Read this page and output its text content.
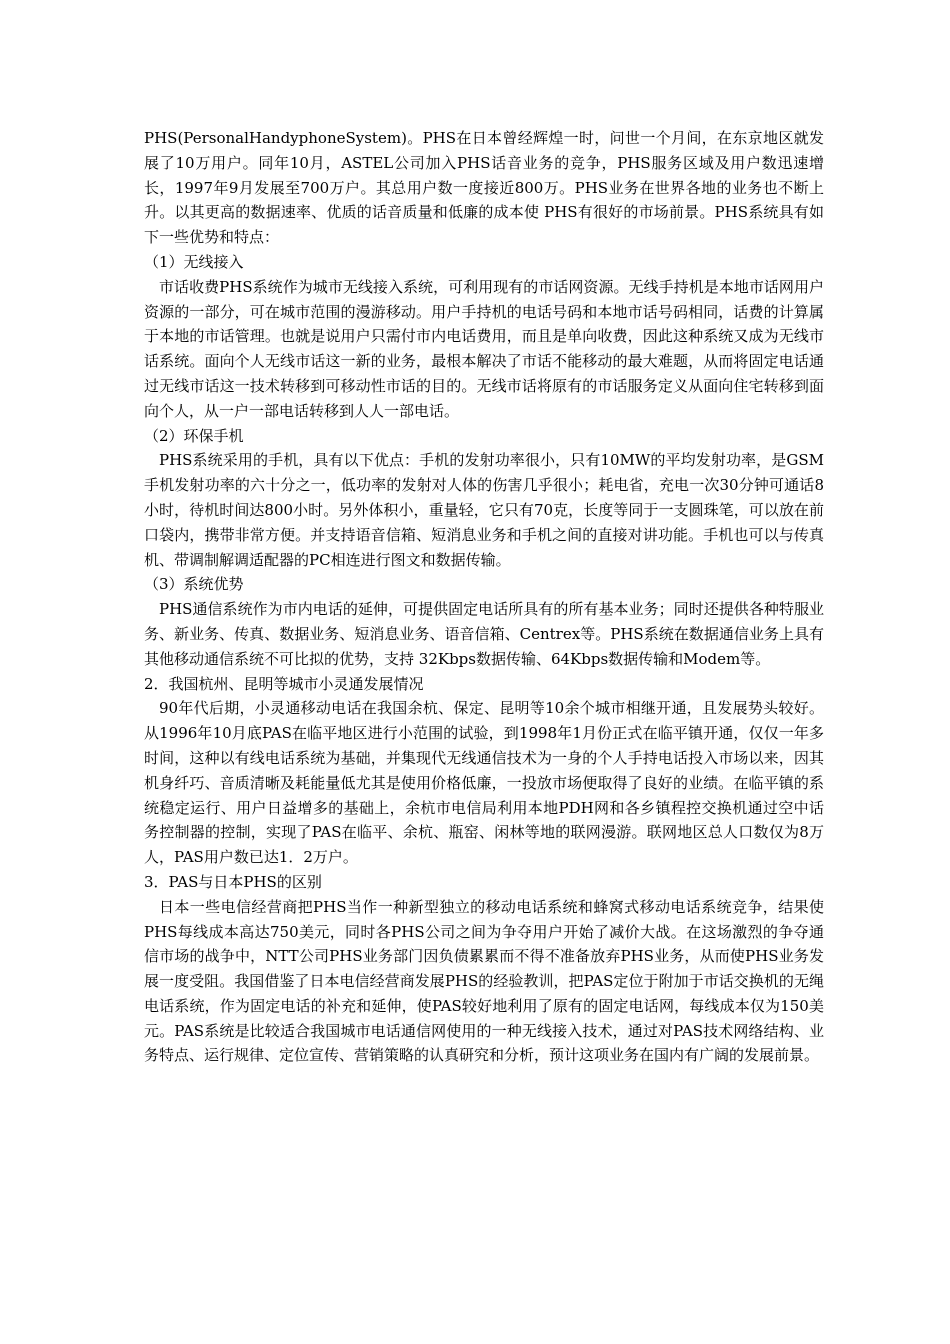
PHS(PersonalHandyphoneSystem)。PHS在日本曾经辉煌一时，问世一个月间，在东京地区就发展了10万用户。同年10月，ASTEL公司加入PHS话音业务的竞争，PHS服务区域及用户数迅速增长，1997年9月发展至700万户。其总用户数一度接近800万。PHS业务在世界各地的业务也不断上升。以其更高的数据速率、优质的话音质量和低廉的成本使 PHS有很好的市场前景。PHS系统具有如下一些优势和特点：

（1）无线接入

市话收费PHS系统作为城市无线接入系统，可利用现有的市话网资源。无线手持机是本地市话网用户资源的一部分，可在城市范围的漫游移动。用户手持机的电话号码和本地市话号码相同，话费的计算属于本地的市话管理。也就是说用户只需付市内电话费用，而且是单向收费，因此这种系统又成为无线市话系统。面向个人无线市话这一新的业务，最根本解决了市话不能移动的最大难题，从而将固定电话通过无线市话这一技术转移到可移动性市话的目的。无线市话将原有的市话服务定义从面向住宅转移到面向个人，从一户一部电话转移到人人一部电话。

（2）环保手机

PHS系统采用的手机，具有以下优点：手机的发射功率很小，只有10MW的平均发射功率，是GSM手机发射功率的六十分之一，低功率的发射对人体的伤害几乎很小；耗电省，充电一次30分钟可通话8小时，待机时间达800小时。另外体积小，重量轻，它只有70克，长度等同于一支圆珠笔，可以放在前口袋内，携带非常方便。并支持语音信箱、短消息业务和手机之间的直接对讲功能。手机也可以与传真机、带调制解调适配器的PC相连进行图文和数据传输。

（3）系统优势

PHS通信系统作为市内电话的延伸，可提供固定电话所具有的所有基本业务；同时还提供各种特服业务、新业务、传真、数据业务、短消息业务、语音信箱、Centrex等。PHS系统在数据通信业务上具有其他移动通信系统不可比拟的优势，支持 32Kbps数据传输、64Kbps数据传输和Modem等。

2．我国杭州、昆明等城市小灵通发展情况

90年代后期，小灵通移动电话在我国余杭、保定、昆明等10余个城市相继开通，且发展势头较好。从1996年10月底PAS在临平地区进行小范围的试验，到1998年1月份正式在临平镇开通，仅仅一年多时间，这种以有线电话系统为基础，并集现代无线通信技术为一身的个人手持电话投入市场以来，因其机身纤巧、音质清晰及耗能量低尤其是使用价格低廉，一投放市场便取得了良好的业绩。在临平镇的系统稳定运行、用户日益增多的基础上，余杭市电信局利用本地PDH网和各乡镇程控交换机通过空中话务控制器的控制，实现了PAS在临平、余杭、瓶窑、闲林等地的联网漫游。联网地区总人口数仅为8万人，PAS用户数已达1．2万户。

3．PAS与日本PHS的区别

日本一些电信经营商把PHS当作一种新型独立的移动电话系统和蜂窝式移动电话系统竞争，结果使PHS每线成本高达750美元，同时各PHS公司之间为争夺用户开始了减价大战。在这场激烈的争夺通信市场的战争中，NTT公司PHS业务部门因负债累累而不得不准备放弃PHS业务，从而使PHS业务发展一度受阻。我国借鉴了日本电信经营商发展PHS的经验教训，把PAS定位于附加于市话交换机的无绳电话系统，作为固定电话的补充和延伸，使PAS较好地利用了原有的固定电话网，每线成本仅为150美元。PAS系统是比较适合我国城市电话通信网使用的一种无线接入技术，通过对PAS技术网络结构、业务特点、运行规律、定位宣传、营销策略的认真研究和分析，预计这项业务在国内有广阔的发展前景。
